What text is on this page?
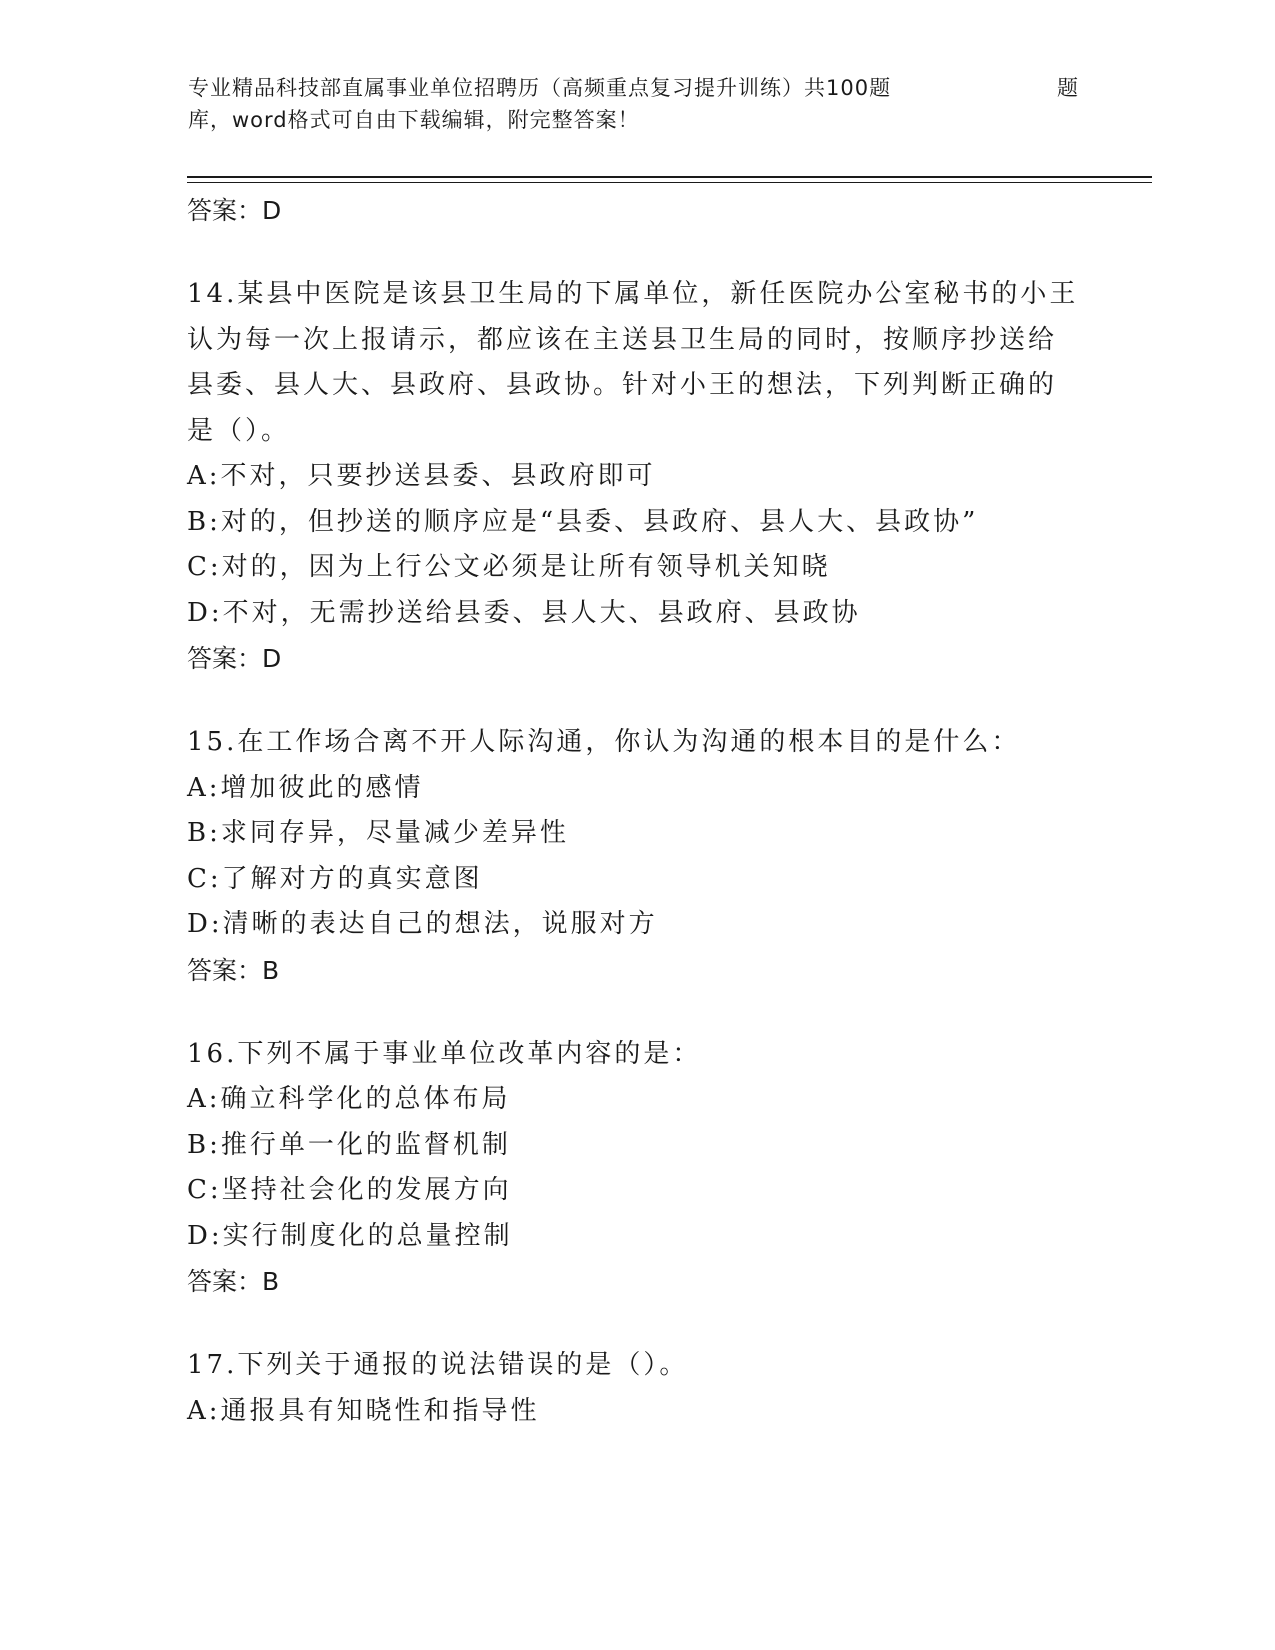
专业精品科技部直属事业单位招聘历（高频重点复习提升训练）共100题
库，word格式可自由下载编辑，附完整答案！
题
答案：D
14.某县中医院是该县卫生局的下属单位，新任医院办公室秘书的小王
认为每一次上报请示，都应该在主送县卫生局的同时，按顺序抄送给
县委、县人大、县政府、县政协。针对小王的想法，下列判断正确的
是（）。
A:不对，只要抄送县委、县政府即可
B:对的，但抄送的顺序应是“县委、县政府、县人大、县政协”
C:对的，因为上行公文必须是让所有领导机关知晓
D:不对，无需抄送给县委、县人大、县政府、县政协
答案：D
15.在工作场合离不开人际沟通，你认为沟通的根本目的是什么：
A:增加彼此的感情
B:求同存异，尽量减少差异性
C:了解对方的真实意图
D:清晰的表达自己的想法，说服对方
答案：B
16.下列不属于事业单位改革内容的是：
A:确立科学化的总体布局
B:推行单一化的监督机制
C:坚持社会化的发展方向
D:实行制度化的总量控制
答案：B
17.下列关于通报的说法错误的是（）。
A:通报具有知晓性和指导性
